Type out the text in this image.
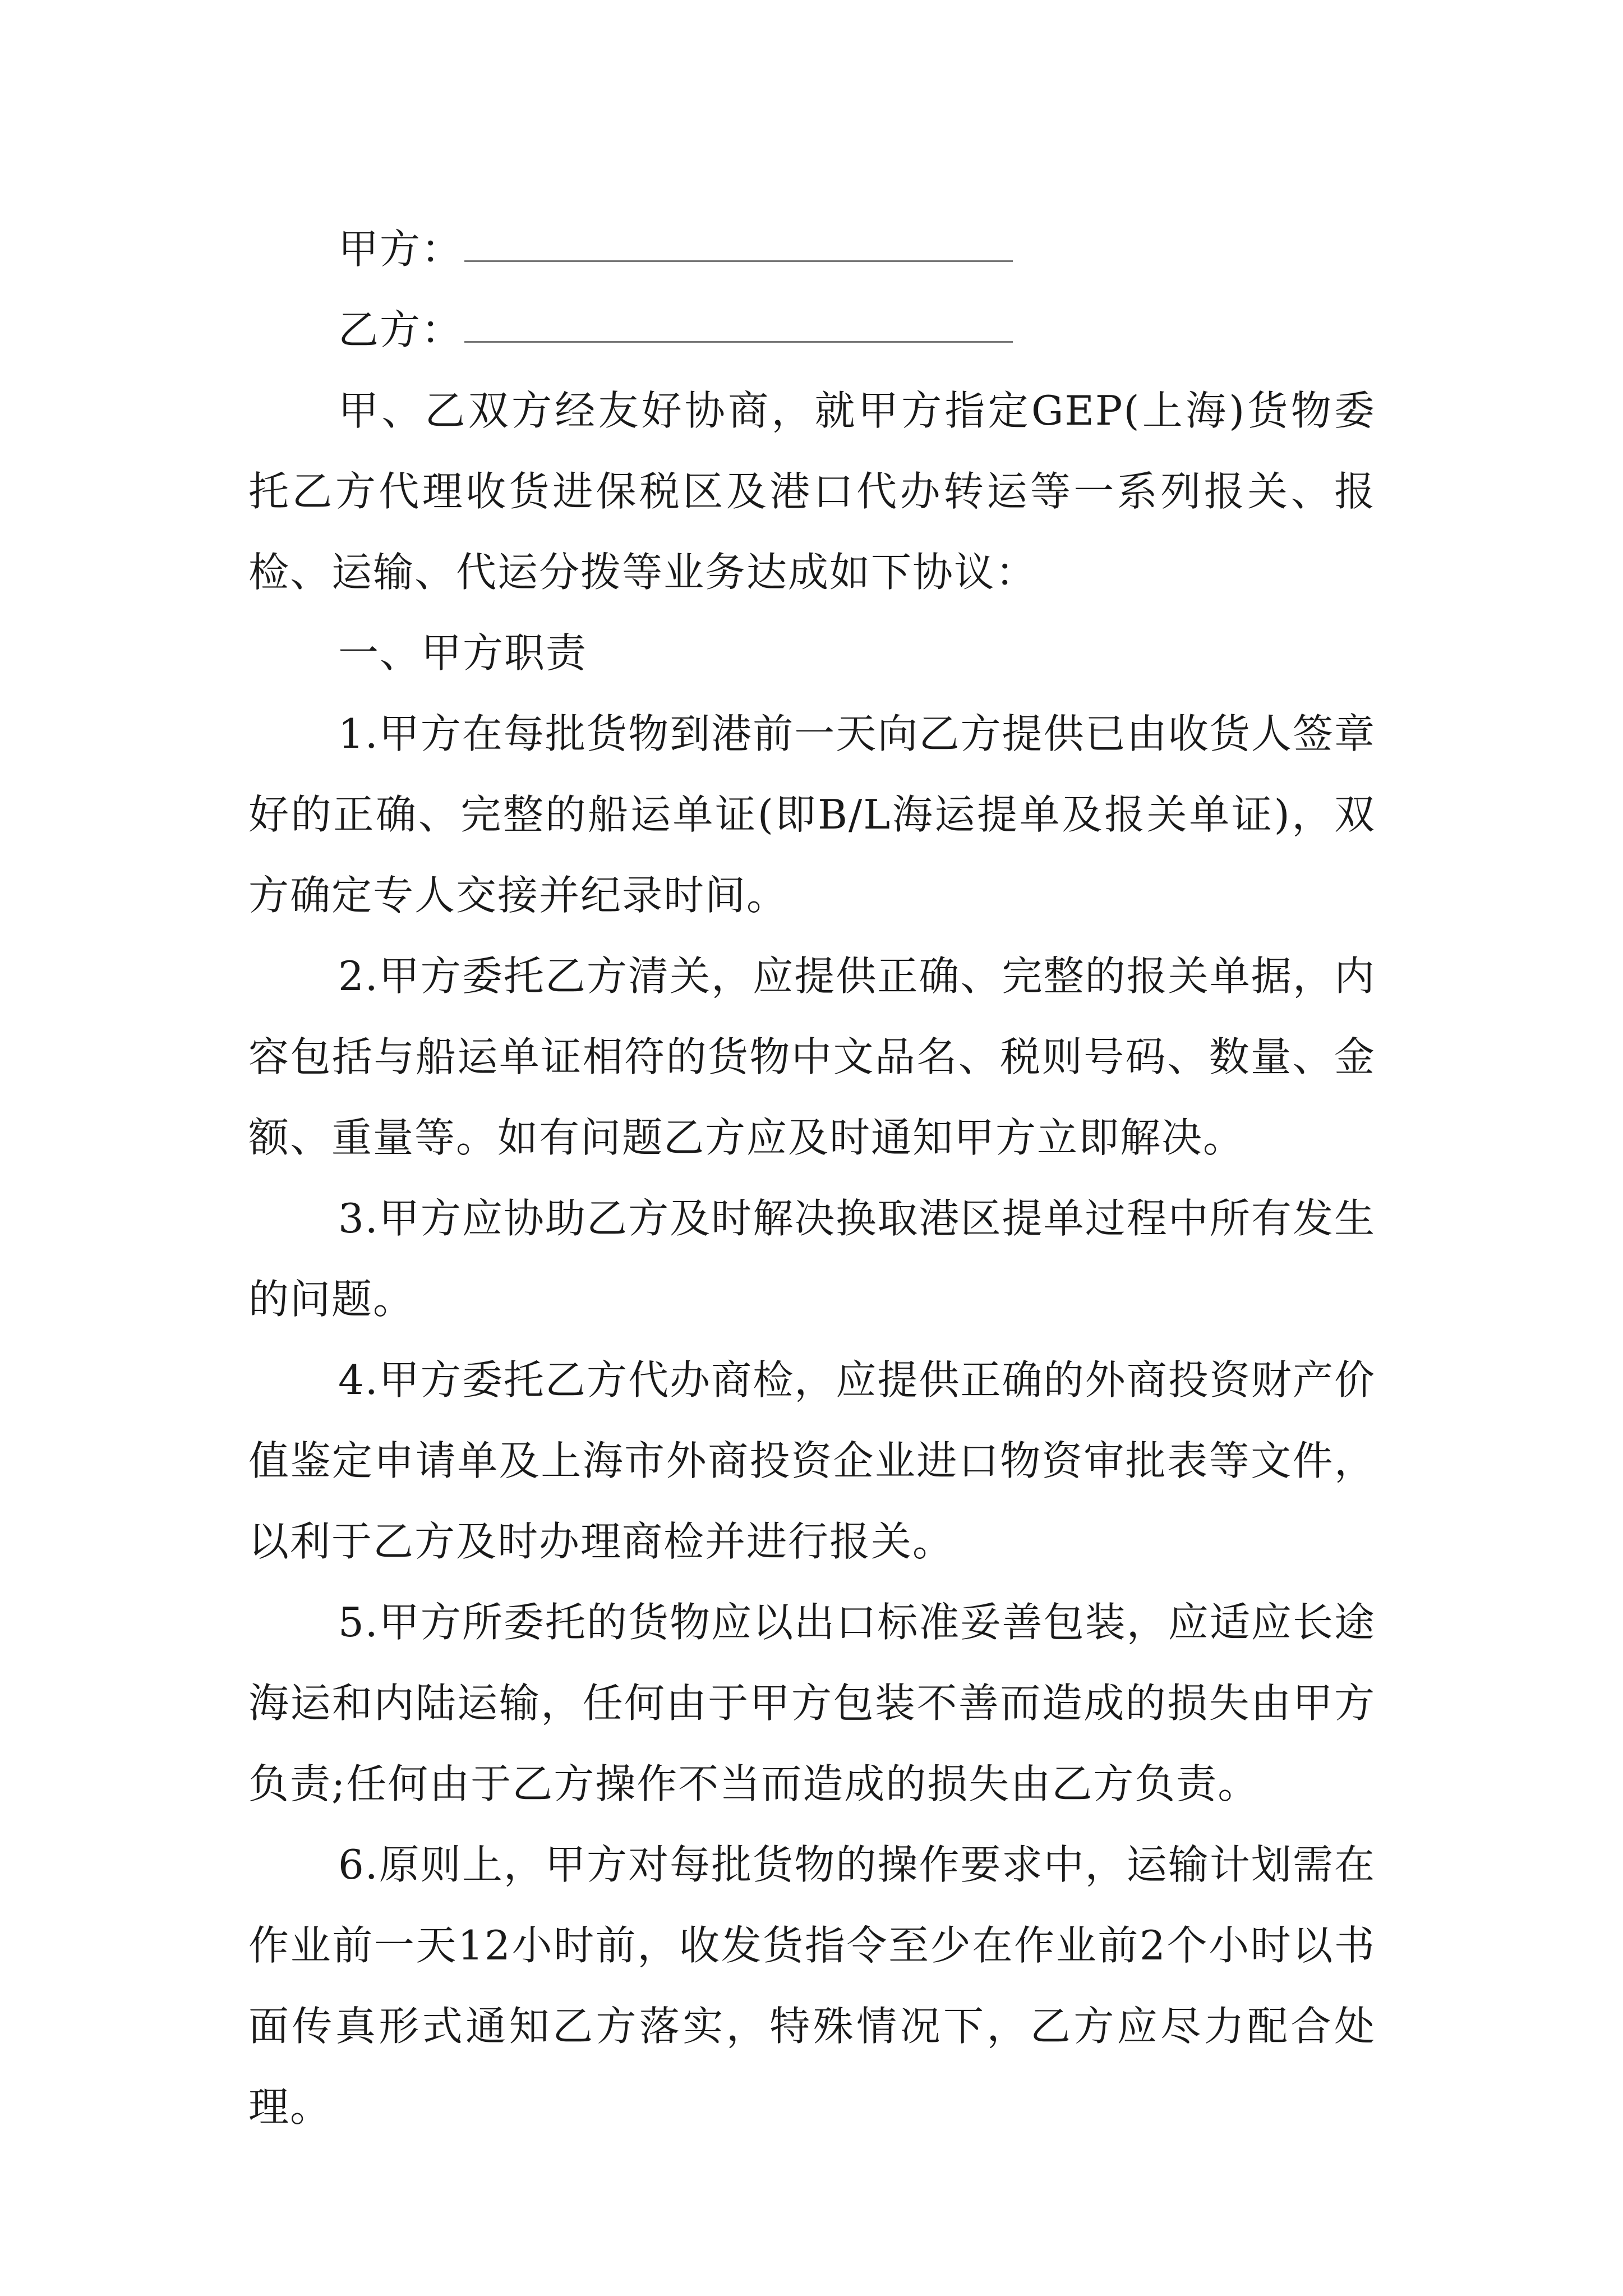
甲方：
乙方：

甲、乙双方经友好协商，就甲方指定GEP(上海)货物委托乙方代理收货进保税区及港口代办转运等一系列报关、报检、运输、代运分拨等业务达成如下协议：

一、甲方职责

1.甲方在每批货物到港前一天向乙方提供已由收货人签章好的正确、完整的船运单证(即B/L海运提单及报关单证)，双方确定专人交接并纪录时间。

2.甲方委托乙方清关，应提供正确、完整的报关单据，内容包括与船运单证相符的货物中文品名、税则号码、数量、金额、重量等。如有问题乙方应及时通知甲方立即解决。

3.甲方应协助乙方及时解决换取港区提单过程中所有发生的问题。

4.甲方委托乙方代办商检，应提供正确的外商投资财产价值鉴定申请单及上海市外商投资企业进口物资审批表等文件，以利于乙方及时办理商检并进行报关。

5.甲方所委托的货物应以出口标准妥善包装，应适应长途海运和内陆运输，任何由于甲方包装不善而造成的损失由甲方负责;任何由于乙方操作不当而造成的损失由乙方负责。

6.原则上，甲方对每批货物的操作要求中，运输计划需在作业前一天12小时前，收发货指令至少在作业前2个小时以书面传真形式通知乙方落实，特殊情况下，乙方应尽力配合处理。
